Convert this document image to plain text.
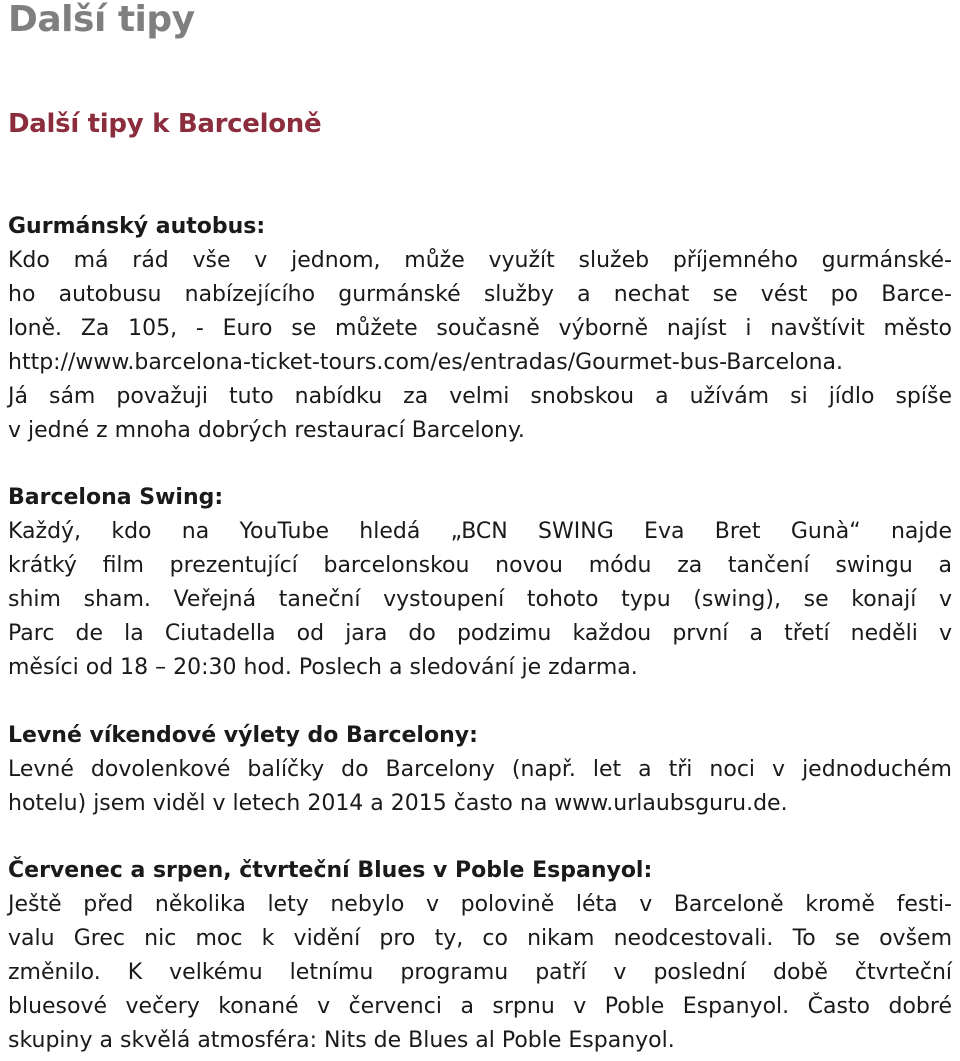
Další tipy
Další tipy k Barceloně
Gurmánský autobus:

Kdo má rád vše v jednom, může využít služeb příjemného gurmánské-
ho autobusu nabízejícího gurmánské služby a nechat se vést po Barce-
loně. Za 105, - Euro se můžete současně výborně najíst i navštívit město
http://www.barcelona-ticket-tours.com/es/entradas/Gourmet-bus-Barcelona.
Já sám považuji tuto nabídku za velmi snobskou a užívám si jídlo spíše
v jedné z mnoha dobrých restaurací Barcelony.

Barcelona Swing:

Každý, kdo na YouTube hledá „BCN SWING Eva Bret Gunà“ najde
krátký film prezentující barcelonskou novou módu za tančení swingu a
shim sham. Veřejná taneční vystoupení tohoto typu (swing), se konají v
Parc de la Ciutadella od jara do podzimu každou první a třetí neděli v
měsíci od 18 – 20:30 hod. Poslech a sledování je zdarma.

Levné víkendové výlety do Barcelony:

Levné dovolenkové balíčky do Barcelony (např. let a tři noci v jednoduchém
hotelu) jsem viděl v letech 2014 a 2015 často na www.urlaubsguru.de.

Červenec a srpen, čtvrteční Blues v Poble Espanyol:

Ještě před několika lety nebylo v polovině léta v Barceloně kromě festi-
valu Grec nic moc k vidění pro ty, co nikam neodcestovali. To se ovšem
změnilo. K velkému letnímu programu patří v poslední době čtvrteční
bluesové večery konané v červenci a srpnu v Poble Espanyol. Často dobré
skupiny a skvělá atmosféra: Nits de Blues al Poble Espanyol.
